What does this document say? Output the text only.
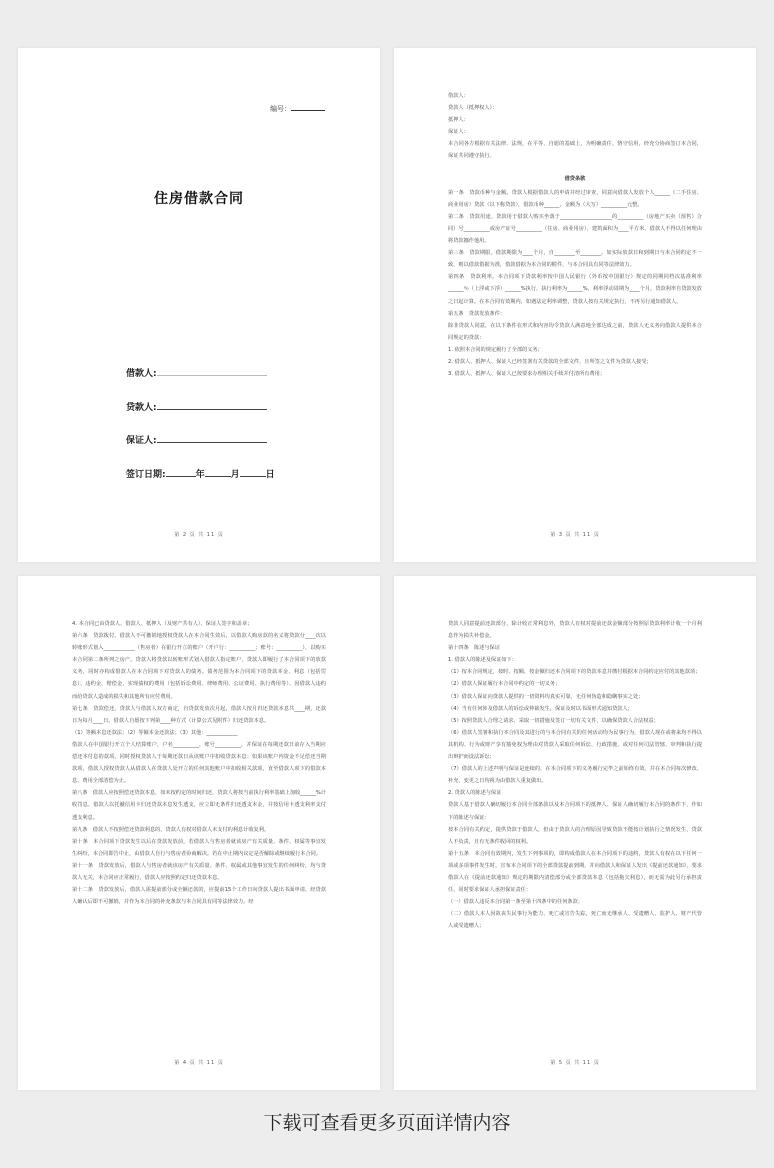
编号：
住房借款合同
借款人:
贷款人:
保证人:
签订日期:	年	月	日
第 2 页 共 11 页

借款人：

贷款人（抵押权人）：

抵押人：

保证人：

本合同各方根据有关法律、法规，在平等、自愿的基础上，为明确责任、恪守信用，经充分协商签订本合同，保证共同遵守执行。

借贷条款

第一条　贷款币种与金额。贷款人根据借款人的申请并经过审查，同意向借款人发放个人______（二手住房、商业用房）贷款（以下称贷款），借款币种______，金额为（大写）__________元整。

第二条　贷款用途。贷款用于借款人购买坐落于____________________的__________（房地产买卖（预售）合同）号__________或房产证号__________（住房、商业用房），建筑面积为____平方米。借款人不得以任何理由将贷款挪作他用。

第三条　贷款期限。借款期限为____个月，自________至________。如实际放款日和到期日与本合同约定不一致，则以借款借据为准，借款借据为本合同的附件，与本合同具有同等法律效力。

第四条　贷款利率。本合同项下贷款利率按中国人民银行（外币按中国银行）规定的同期同档次基准利率______％（上浮或下浮）______%执行，执行利率为______%，利率浮动周期为____个月。贷款利率自贷款发放之日起计算。在本合同有效期内，如遇法定利率调整，贷款人按有关规定执行，不再另行通知借款人。

第五条　贷款发放条件：

除非贷款人同意，在以下条件在形式和内容均令贷款人满意地全部达成之前，贷款人无义务向借款人提供本合同规定的贷款：

1. 依照本合同的规定履行了全部的义务；

2. 借款人、抵押人、保证人已经签署有关贷款的全部文件，且所签之文件为贷款人接受；

3. 借款人、抵押人、保证人已按要求办理相关手续并付清所有费用；

第 3 页 共 11 页

4. 本合同已由贷款人、借款人、抵押人（及财产共有人）、保证人签字和盖章；

第六条　贷款拨付。借款人不可撤销地授权贷款人在本合同生效后，以借款人购房款的名义将贷款分____次以转账形式划入____________（售房者）在银行开立的账户（开户行：__________；账号：__________），以购买本合同第二条所列之房产。贷款人将贷款以转账形式划入借款人指定账户，贷款人即履行了本合同项下的放款义务，同时亦构成借款人在本合同项下对贷款人的债务。债务范围为本合同项下的贷款本金、利息（包括罚息）、违约金、赔偿金、实现债权的费用（包括诉讼费用、律师费用、公证费用、执行费用等）、因借款人违约而给贷款人造成的损失和其他所有应付费用。

第七条　贷款偿还。贷款人与借款人双方商定，自贷款发放次月起，借款人按月归还贷款本息共____期，还款日为每月____日。借款人自愿按下列第____种方式（计算公式见附件）归还贷款本息。

（1）等额本息还款法；（2）等额本金还款法；（3）其他：____________

借款人在中国银行开立个人结算账户，户名__________，账号__________，并保证在每期还款日前存入当期应偿还本付息的款项，同时授权贷款人于每期还款日从该账户中扣收贷款本息；如果该账户内资金不足偿还当期款项，借款人授权贷款人从借款人在贷款人处开立的任何其他账户中扣收相关款项，直至借款人项下的借款本息、费用全部清偿为止。

第八条　借款人应按照偿还贷款本息，如未按约定的时间归还，贷款人将按当前执行利率基础上加收______%计收罚息。借款人以托褫信用卡归还贷款本息发生透支，应立即无条件归还透支本金，并按信用卡透支利率支付透支利息。

第九条　借款人不按照偿还贷款利息的，贷款人有权对借款人未支付的利息计收复利。

第十条　本合同项下贷款发生以后在贷款发放前，若借款人与售房者就该房产有关质量、条件、权属等事宜发生纠纷，本合同即告中止，由借款人自行与售房者协商解决。若在中止期内议定是否解除或继续履行本合同。

第十一条　贷款发放后，借款人与售房者就该房产有关质量、条件、权属或其他事宜发生的任何纠纷，均与贷款人无关，本合同应正常履行，借款人应按照约定归还贷款本息。

第十二条　贷款发放后，借款人需提前部分或全额还款的，应提前15个工作日向贷款人提出书面申请，经贷款人确认后即不可撤销，并作为本合同的补充条款与本合同具有同等法律效力。经

第 4 页 共 11 页

贷款人同意提前还款部分，除计收正常利息外，贷款人有权对提前还款金额部分按照原贷款利率计收一个月利息作为损失补偿金。

第十四条　陈述与保证

1. 借款人的陈述及保证如下：

（1）按本合同规定，按时、按额、按金额归还本合同项下的贷款本息并缴付根据本合同约定应付的其他款项；

（2）借款人保证履行本合同中约定的一切义务；

（3）借款人保证向贷款人提供的一切资料均真实可靠，无任何伪造和隐瞒事实之处；

（4）当有任何涉及借款人的诉讼或仲裁发生，保证及时以书面形式通知贷款人；

（5）按照贷款人合理之请求，采取一切措施及签订一切有关文件，以确保贷款人合法权益；

（6）借款人签署和执行本合同及其进行的与本合同有关的任何活动均为民事行为，借款人现在或将来均不得以其机构、行为或财产享有豁免权为理由对贷款人采取任何诉讼、行政措施，或对任何司法管辖、审判和执行提出辩护而设法诉讼；

（7）借款人的上述声明与保证是连续的，在本合同项下的义务履行完毕之前始终有效，并在本合同每次修改、补充、变更之日均视为由借款人重复做出。

2. 贷款人的陈述与保证

贷款人基于借款人确切履行本合同全部条款以及本合同项下的抵押人、保证人确切履行本合同的条件下，作如下的陈述与保证：

按本合同有关约定，提供贷款于借款人，但由于贷款人的合理原因导致贷款不能按计划执行之情况发生，贷款人不负责，且有无条件收回的权利。

第十五条　本合同有效期内，发生下列事项的，即构成借款人在本合同项下的违约，贷款人有权在以下任何一项或多项事件发生时，宣布本合同项下的全部贷款提前到期，并向借款人和保证人发出《提前还款通知》，要求借款人在《提前还款通知》规定的期限内清偿部分或全部贷款本息（包括拖欠利息），而无需为此另行承担责任，同时要求保证人承担保证责任：

（一）借款人违反本合同第一条至第十四条中的任何条款；

（二）借款人本人因故丧失民事行为能力、死亡或宣告失踪，死亡而无继承人、受遗赠人、监护人、财产代管人或受遗赠人；

第 5 页 共 11 页
下载可查看更多页面详情内容
